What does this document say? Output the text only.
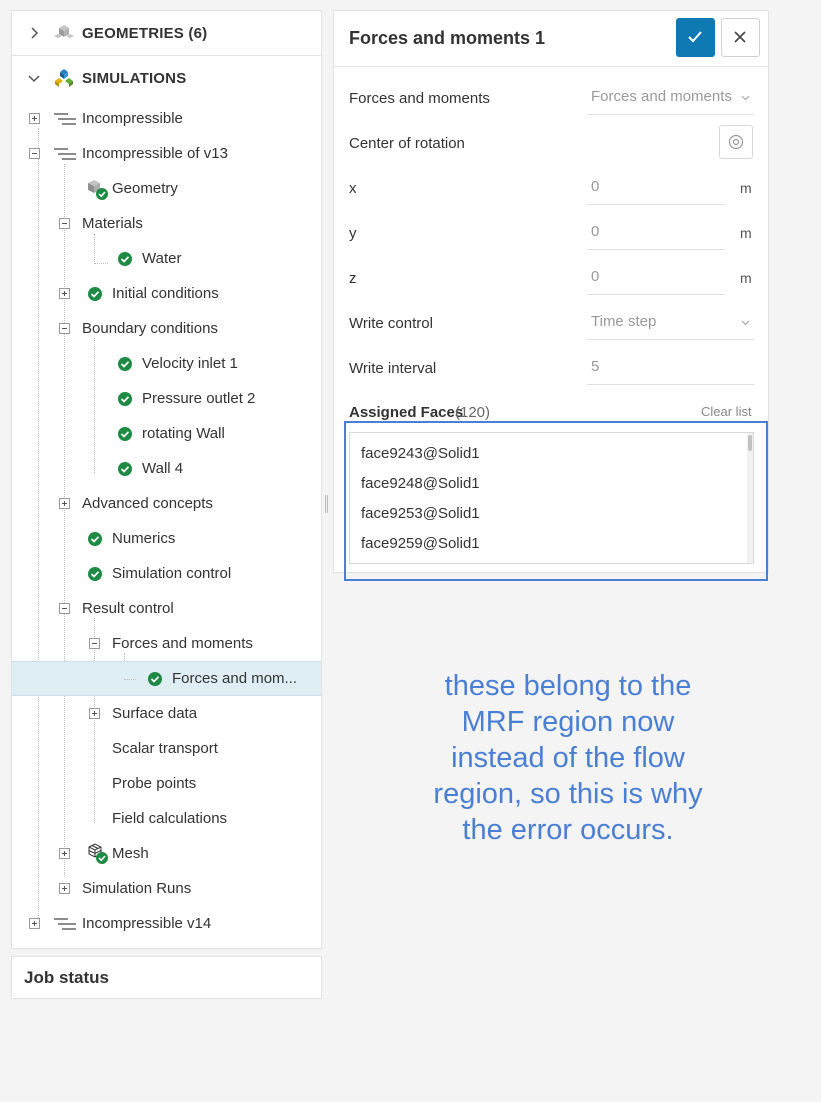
GEOMETRIES (6)
SIMULATIONS
Incompressible
Incompressible of v13
Geometry
Materials
Water
Initial conditions
Boundary conditions
Velocity inlet 1
Pressure outlet 2
rotating Wall
Wall 4
Advanced concepts
Numerics
Simulation control
Result control
Forces and moments
Forces and mom...
Surface data
Scalar transport
Probe points
Field calculations
Mesh
Simulation Runs
Incompressible v14
Job status
Forces and moments 1
Forces and moments	Forces and moments
Center of rotation
x	0	m
y	0	m
z	0	m
Write control	Time step
Write interval	5
Assigned Faces
(120)	Clear list
face9243@Solid1
face9248@Solid1
face9253@Solid1
face9259@Solid1
these belong to the MRF region now instead of the flow region, so this is why the error occurs.
